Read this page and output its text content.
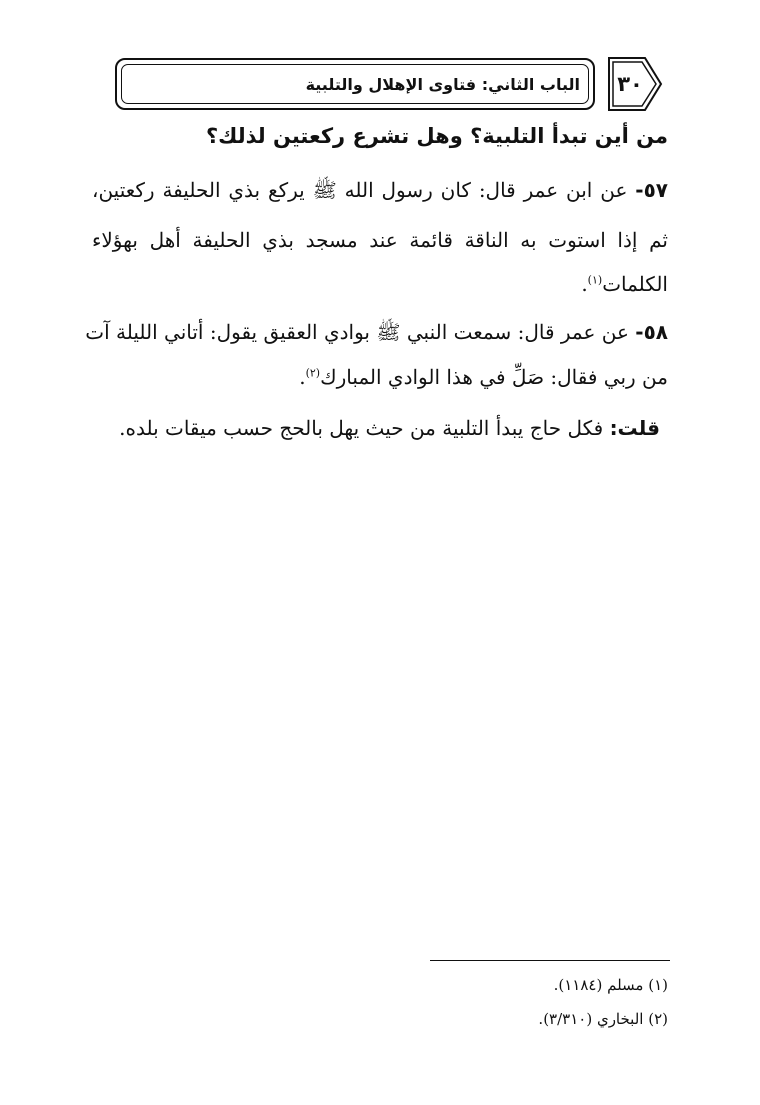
الباب الثاني: فتاوى الإهلال والتلبية ٣٠
من أين تبدأ التلبية؟ وهل تشرع ركعتين لذلك؟
٥٧- عن ابن عمر قال: كان رسول الله ﷺ يركع بذي الحليفة ركعتين،
ثم إذا استوت به الناقة قائمة عند مسجد بذي الحليفة أهل بهؤلاء
الكلمات$^{(١)}$.
٥٨- عن عمر قال: سمعت النبي ﷺ بوادي العقيق يقول: أتاني الليلة آت
من ربي فقال: صَلِّ في هذا الوادي المبارك$^{(٢)}$.
قلت: فكل حاج يبدأ التلبية من حيث يهل بالحج حسب ميقات بلده.
(١) مسلم (١١٨٤).
(٢) البخاري (٣/٣١٠).
